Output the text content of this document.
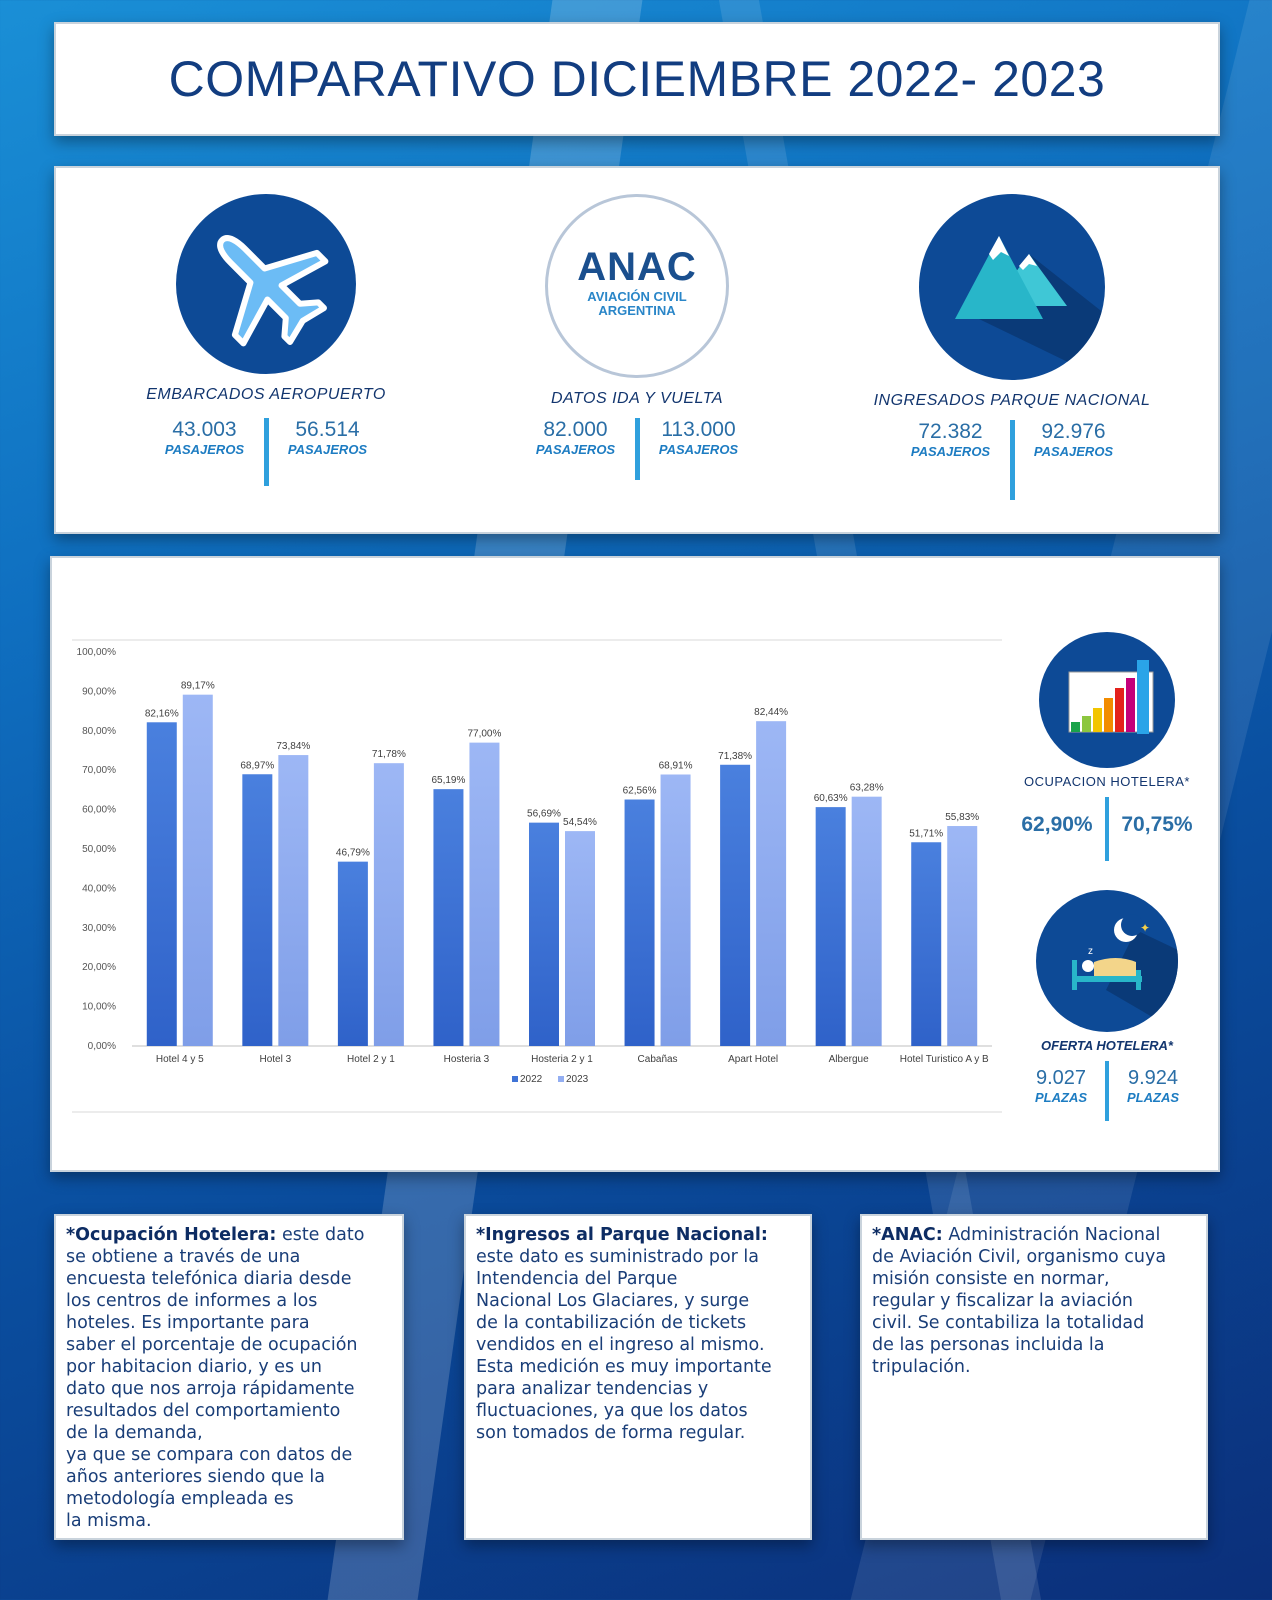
COMPARATIVO DICIEMBRE 2022- 2023
EMBARCADOS AEROPUERTO
43.003
PASAJEROS
56.514
PASAJEROS
ANAC
AVIACIÓN CIVIL
ARGENTINA
DATOS IDA Y VUELTA
82.000
PASAJEROS
113.000
PASAJEROS
INGRESADOS PARQUE NACIONAL
72.382
PASAJEROS
92.976
PASAJEROS
0,00%
10,00%
20,00%
30,00%
40,00%
50,00%
60,00%
70,00%
80,00%
90,00%
100,00%
82,16%
89,17%
Hotel 4 y 5
68,97%
73,84%
Hotel 3
46,79%
71,78%
Hotel 2 y 1
65,19%
77,00%
Hosteria 3
56,69%
54,54%
Hosteria 2 y 1
62,56%
68,91%
Cabañas
71,38%
82,44%
Apart Hotel
60,63%
63,28%
Albergue
51,71%
55,83%
Hotel Turistico A y B
2022 2023
OCUPACION HOTELERA*
62,90%	70,75%
✦
z
OFERTA HOTELERA*
9.027
PLAZAS
9.924
PLAZAS

*Ocupación Hotelera: este dato

se obtiene a través de una

encuesta telefónica diaria desde

los centros de informes a los

hoteles. Es importante para

saber el porcentaje de ocupación

por habitacion diario, y es un

dato que nos arroja rápidamente

resultados del comportamiento

de la demanda,

ya que se compara con datos de

años anteriores siendo que la

metodología empleada es

la misma.

*Ingresos al Parque Nacional:

este dato es suministrado por la

Intendencia del Parque

Nacional Los Glaciares, y surge

de la contabilización de tickets

vendidos en el ingreso al mismo.

Esta medición es muy importante

para analizar tendencias y

fluctuaciones, ya que los datos

son tomados de forma regular.

*ANAC: Administración Nacional

de Aviación Civil, organismo cuya

misión consiste en normar,

regular y fiscalizar la aviación

civil. Se contabiliza la totalidad

de las personas incluida la

tripulación.
